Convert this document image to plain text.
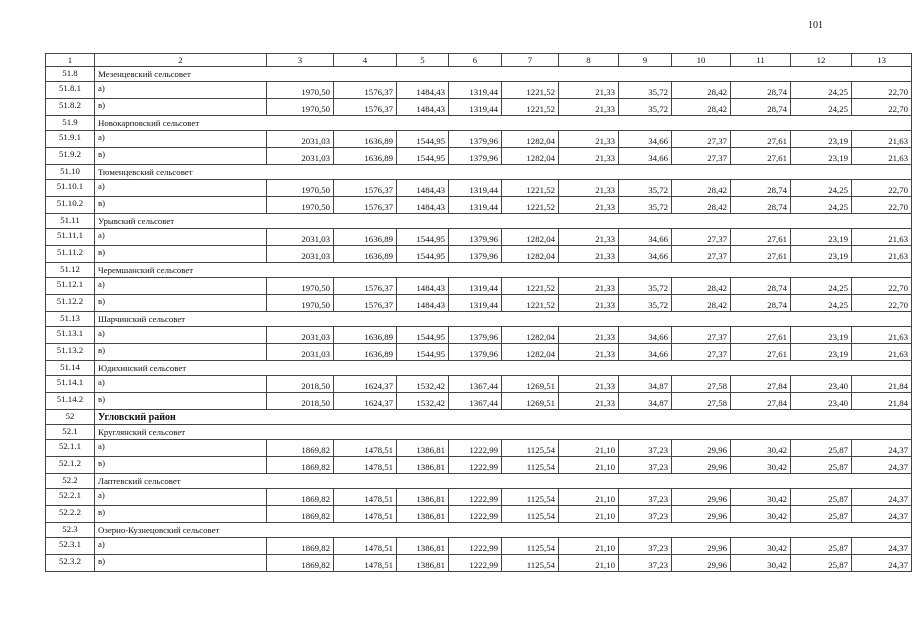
101
1	2	3	4	5	6	7	8	9	10	11	12	13
51.8	Мезенцевский сельсовет											
51.8.1	а)	1970,50	1576,37	1484,43	1319,44	1221,52	21,33	35,72	28,42	28,74	24,25	22,70
51.8.2	в)	1970,50	1576,37	1484,43	1319,44	1221,52	21,33	35,72	28,42	28,74	24,25	22,70
51.9	Новокарповский сельсовет											
51.9.1	а)	2031,03	1636,89	1544,95	1379,96	1282,04	21,33	34,66	27,37	27,61	23,19	21,63
51.9.2	в)	2031,03	1636,89	1544,95	1379,96	1282,04	21,33	34,66	27,37	27,61	23,19	21,63
51.10	Тюменцевский сельсовет											
51.10.1	а)	1970,50	1576,37	1484,43	1319,44	1221,52	21,33	35,72	28,42	28,74	24,25	22,70
51.10.2	в)	1970,50	1576,37	1484,43	1319,44	1221,52	21,33	35,72	28,42	28,74	24,25	22,70
51.11	Урывский сельсовет											
51.11.1	а)	2031,03	1636,89	1544,95	1379,96	1282,04	21,33	34,66	27,37	27,61	23,19	21,63
51.11.2	в)	2031,03	1636,89	1544,95	1379,96	1282,04	21,33	34,66	27,37	27,61	23,19	21,63
51.12	Черемшанский сельсовет											
51.12.1	а)	1970,50	1576,37	1484,43	1319,44	1221,52	21,33	35,72	28,42	28,74	24,25	22,70
51.12.2	в)	1970,50	1576,37	1484,43	1319,44	1221,52	21,33	35,72	28,42	28,74	24,25	22,70
51.13	Шарчинский сельсовет											
51.13.1	а)	2031,03	1636,89	1544,95	1379,96	1282,04	21,33	34,66	27,37	27,61	23,19	21,63
51.13.2	в)	2031,03	1636,89	1544,95	1379,96	1282,04	21,33	34,66	27,37	27,61	23,19	21,63
51.14	Юдихинский сельсовет											
51.14.1	а)	2018,50	1624,37	1532,42	1367,44	1269,51	21,33	34,87	27,58	27,84	23,40	21,84
51.14.2	в)	2018,50	1624,37	1532,42	1367,44	1269,51	21,33	34,87	27,58	27,84	23,40	21,84
52	Угловский район											
52.1	Круглянский сельсовет											
52.1.1	а)	1869,82	1478,51	1386,81	1222,99	1125,54	21,10	37,23	29,96	30,42	25,87	24,37
52.1.2	в)	1869,82	1478,51	1386,81	1222,99	1125,54	21,10	37,23	29,96	30,42	25,87	24,37
52.2	Лаптевский сельсовет											
52.2.1	а)	1869,82	1478,51	1386,81	1222,99	1125,54	21,10	37,23	29,96	30,42	25,87	24,37
52.2.2	в)	1869,82	1478,51	1386,81	1222,99	1125,54	21,10	37,23	29,96	30,42	25,87	24,37
52.3	Озерно-Кузнецовский сельсовет											
52.3.1	а)	1869,82	1478,51	1386,81	1222,99	1125,54	21,10	37,23	29,96	30,42	25,87	24,37
52.3.2	в)	1869,82	1478,51	1386,81	1222,99	1125,54	21,10	37,23	29,96	30,42	25,87	24,37
